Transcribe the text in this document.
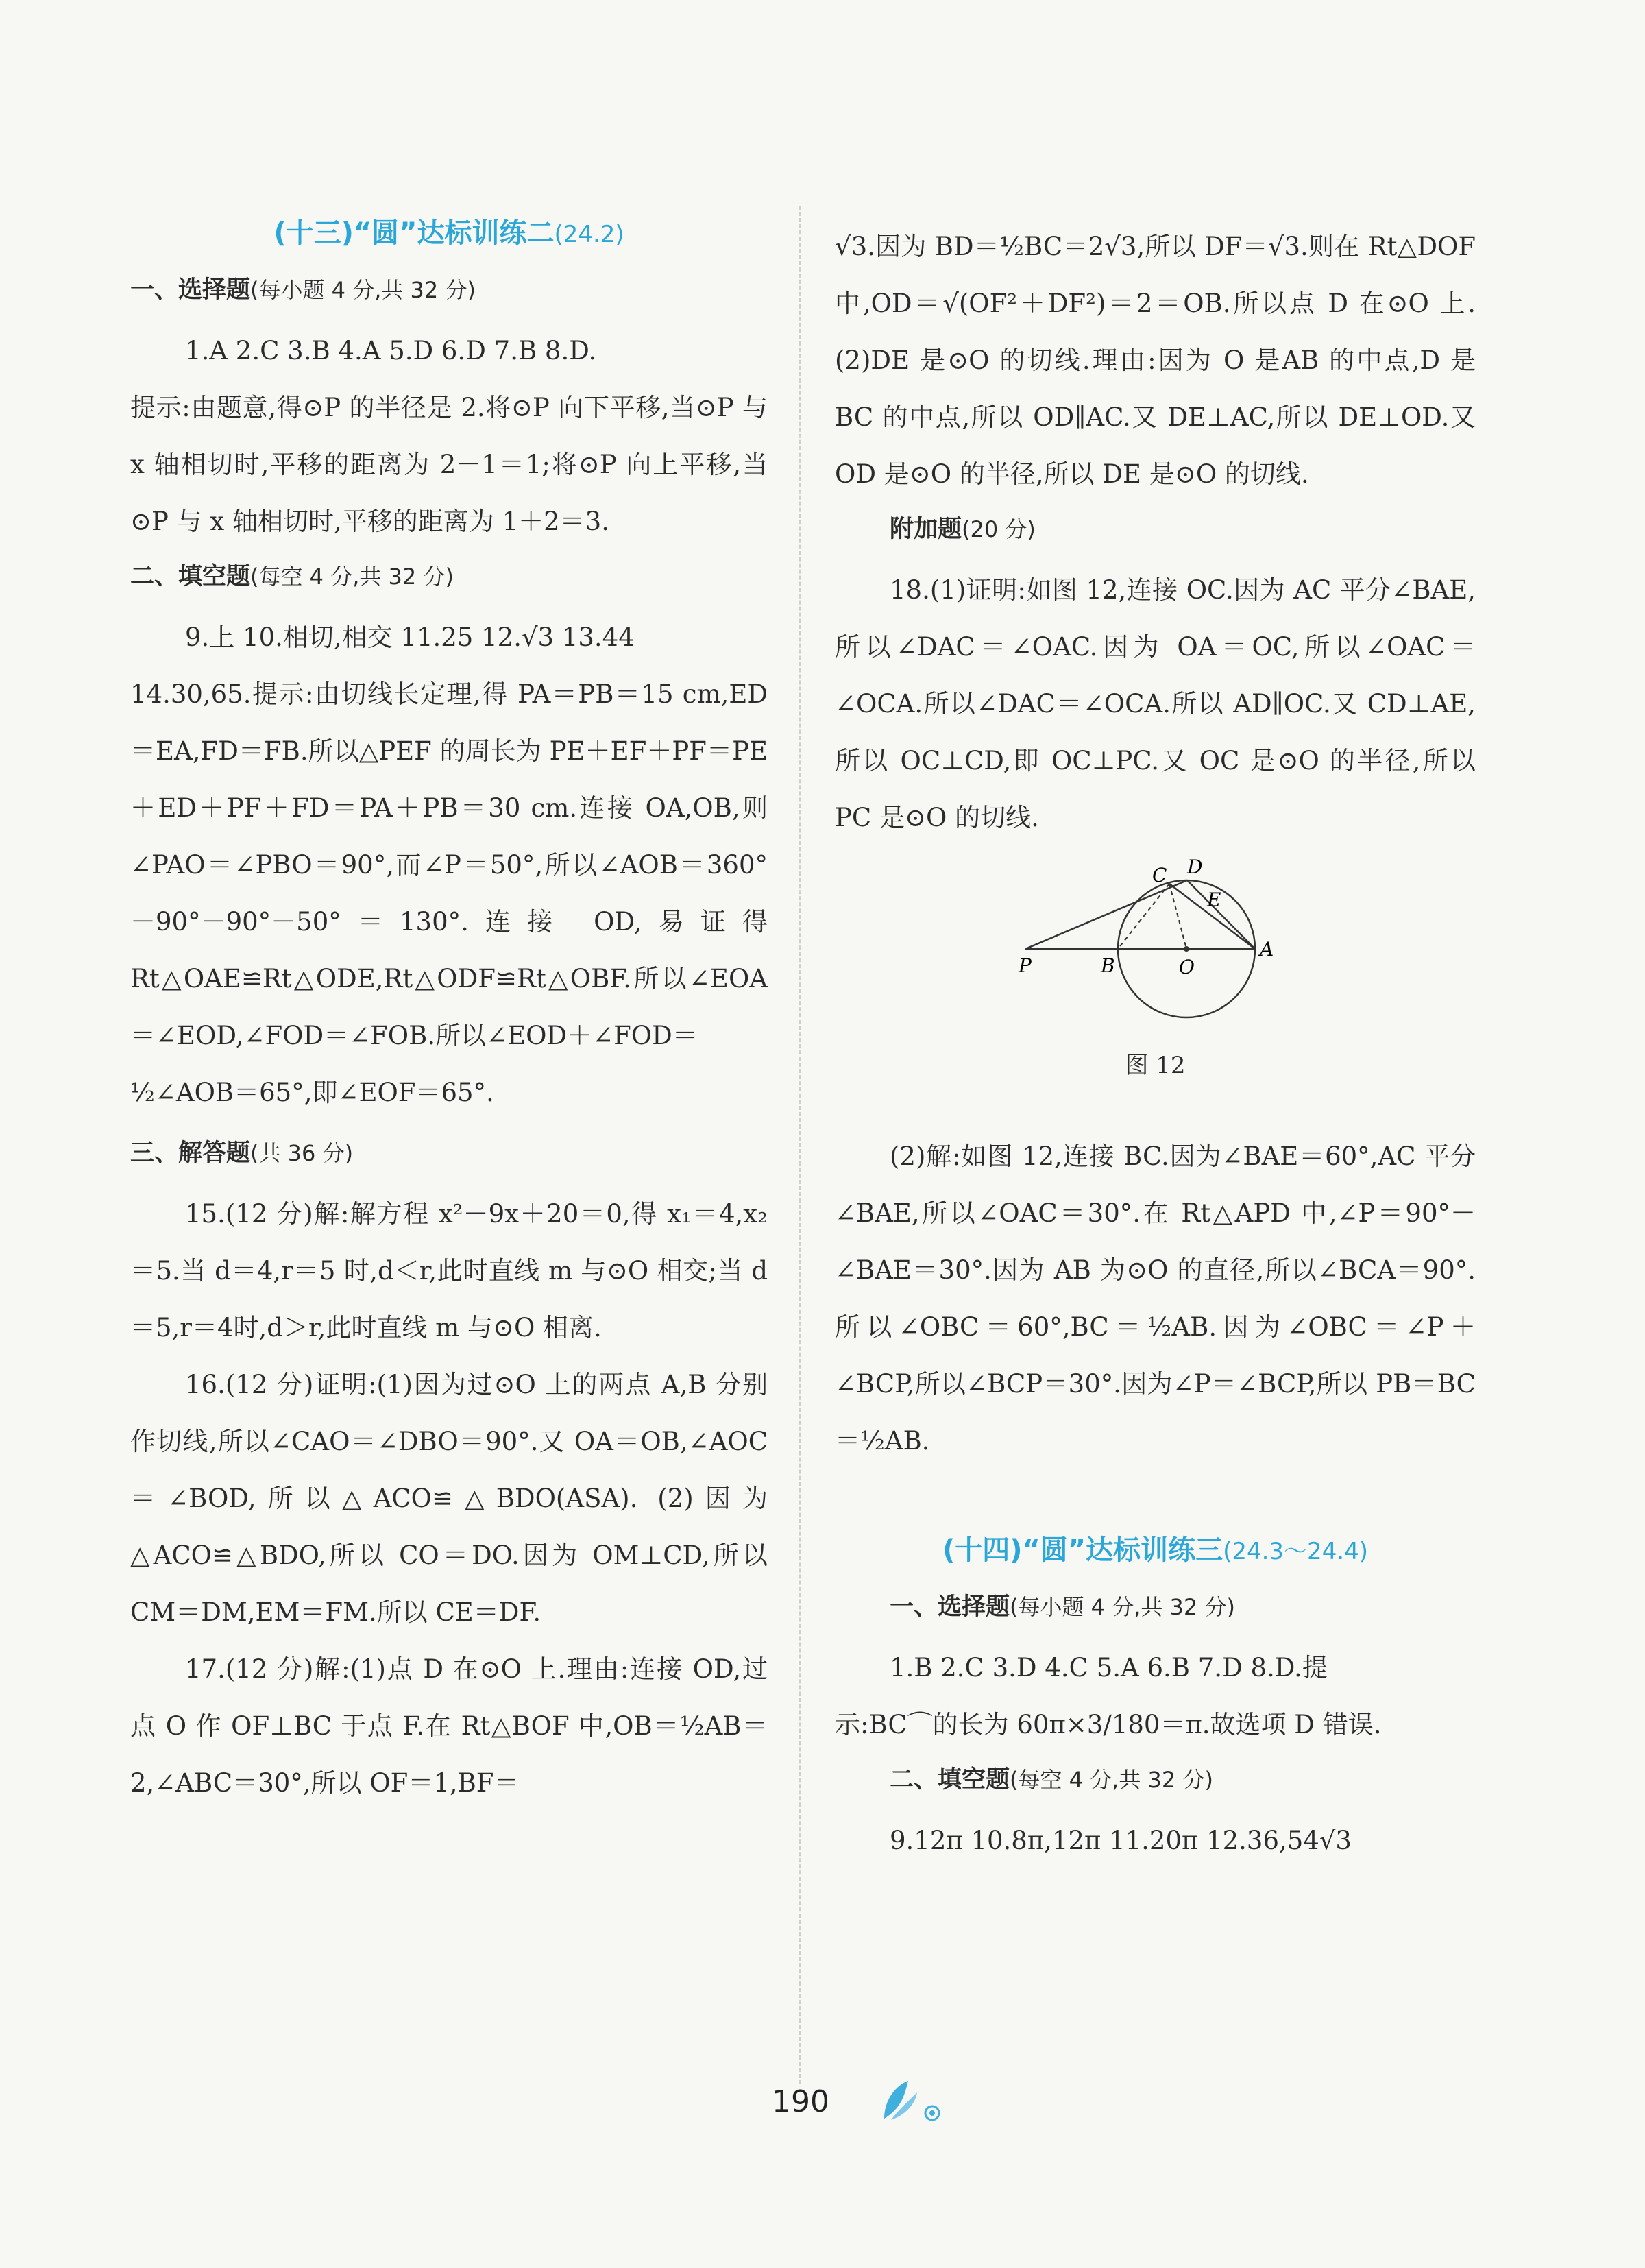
(十三)“圆”达标训练二(24.2)
一、选择题(每小题 4 分,共 32 分)

1.A 2.C 3.B 4.A 5.D 6.D 7.B 8.D.

提示:由题意,得⊙P 的半径是 2.将⊙P 向下平移,当⊙P 与 x 轴相切时,平移的距离为 2－1＝1;将⊙P 向上平移,当⊙P 与 x 轴相切时,平移的距离为 1＋2＝3.

二、填空题(每空 4 分,共 32 分)

9.上 10.相切,相交 11.25 12.√3 13.44

14.30,65.提示:由切线长定理,得 PA＝PB＝15 cm,ED＝EA,FD＝FB.所以△PEF 的周长为 PE＋EF＋PF＝PE＋ED＋PF＋FD＝PA＋PB＝30 cm.连接 OA,OB,则∠PAO＝∠PBO＝90°,而∠P＝50°,所以∠AOB＝360°－90°－90°－50°＝130°.连接 OD,易证得Rt△OAE≌Rt△ODE,Rt△ODF≌Rt△OBF.所以∠EOA＝∠EOD,∠FOD＝∠FOB.所以∠EOD＋∠FOD＝

½∠AOB＝65°,即∠EOF＝65°.

三、解答题(共 36 分)

15.(12 分)解:解方程 x²－9x＋20＝0,得 x₁＝4,x₂＝5.当 d＝4,r＝5 时,d＜r,此时直线 m 与⊙O 相交;当 d＝5,r＝4时,d＞r,此时直线 m 与⊙O 相离.

16.(12 分)证明:(1)因为过⊙O 上的两点 A,B 分别作切线,所以∠CAO＝∠DBO＝90°.又 OA＝OB,∠AOC＝∠BOD,所以△ACO≌△BDO(ASA). (2)因为△ACO≌△BDO,所以 CO＝DO.因为 OM⊥CD,所以 CM＝DM,EM＝FM.所以 CE＝DF.

17.(12 分)解:(1)点 D 在⊙O 上.理由:连接 OD,过点 O 作 OF⊥BC 于点 F.在 Rt△BOF 中,OB＝½AB＝2,∠ABC＝30°,所以 OF＝1,BF＝

√3.因为 BD＝½BC＝2√3,所以 DF＝√3.则在 Rt△DOF中,OD＝√(OF²＋DF²)＝2＝OB.所以点 D 在⊙O 上. (2)DE 是⊙O 的切线.理由:因为 O 是AB 的中点,D 是 BC 的中点,所以 OD∥AC.又 DE⊥AC,所以 DE⊥OD.又 OD 是⊙O 的半径,所以 DE 是⊙O 的切线.

附加题(20 分)

18.(1)证明:如图 12,连接 OC.因为 AC 平分∠BAE,所以∠DAC＝∠OAC.因为 OA＝OC,所以∠OAC＝∠OCA.所以∠DAC＝∠OCA.所以 AD∥OC.又 CD⊥AE,所以 OC⊥CD,即 OC⊥PC.又 OC 是⊙O 的半径,所以 PC 是⊙O 的切线.

D
C
E
P	B	O
A
图 12

(2)解:如图 12,连接 BC.因为∠BAE＝60°,AC 平分∠BAE,所以∠OAC＝30°.在 Rt△APD 中,∠P＝90°－∠BAE＝30°.因为 AB 为⊙O 的直径,所以∠BCA＝90°.所以∠OBC＝60°,BC＝½AB.因为∠OBC＝∠P＋∠BCP,所以∠BCP＝30°.因为∠P＝∠BCP,所以 PB＝BC＝½AB.

(十四)“圆”达标训练三(24.3～24.4)
一、选择题(每小题 4 分,共 32 分)

1.B 2.C 3.D 4.C 5.A 6.B 7.D 8.D.提

示:BC⌒的长为 60π×3/180＝π.故选项 D 错误.

二、填空题(每空 4 分,共 32 分)

9.12π 10.8π,12π 11.20π 12.36,54√3

190
